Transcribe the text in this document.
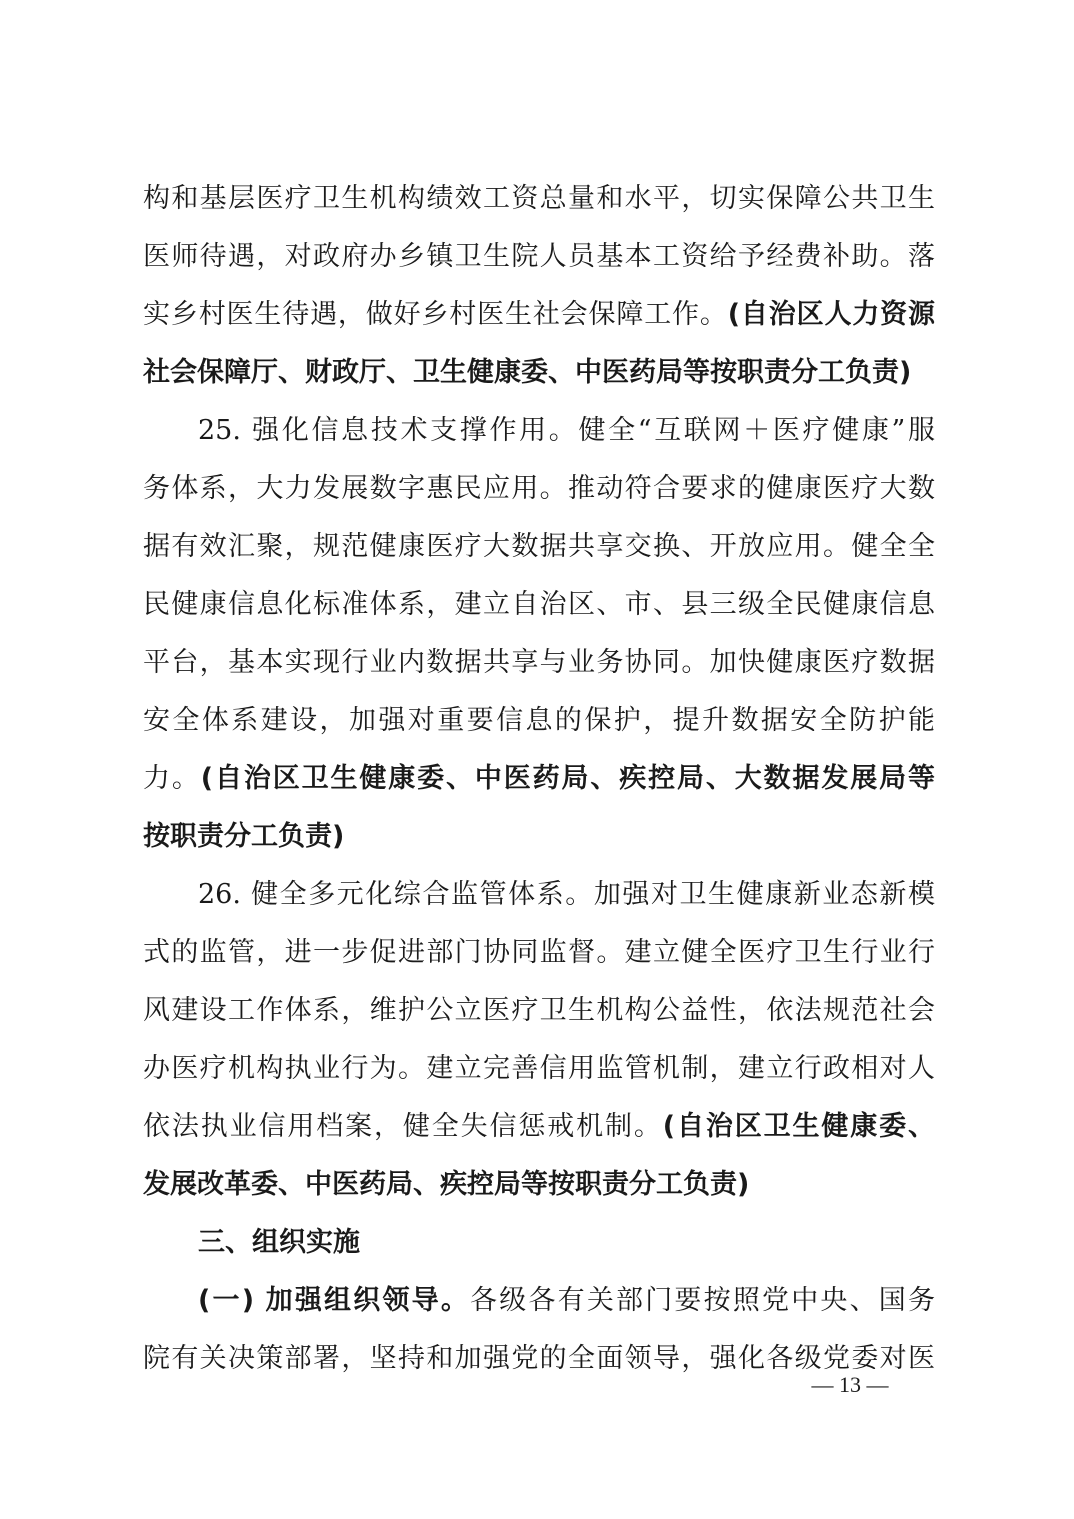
构和基层医疗卫生机构绩效工资总量和水平，切实保障公共卫生
医师待遇，对政府办乡镇卫生院人员基本工资给予经费补助。落
实乡村医生待遇，做好乡村医生社会保障工作。(自治区人力资源
社会保障厅、财政厅、卫生健康委、中医药局等按职责分工负责)
25. 强化信息技术支撑作用。健全“互联网＋医疗健康”服
务体系，大力发展数字惠民应用。推动符合要求的健康医疗大数
据有效汇聚，规范健康医疗大数据共享交换、开放应用。健全全
民健康信息化标准体系，建立自治区、市、县三级全民健康信息
平台，基本实现行业内数据共享与业务协同。加快健康医疗数据
安全体系建设，加强对重要信息的保护，提升数据安全防护能
力。(自治区卫生健康委、中医药局、疾控局、大数据发展局等
按职责分工负责)
26. 健全多元化综合监管体系。加强对卫生健康新业态新模
式的监管，进一步促进部门协同监督。建立健全医疗卫生行业行
风建设工作体系，维护公立医疗卫生机构公益性，依法规范社会
办医疗机构执业行为。建立完善信用监管机制，建立行政相对人
依法执业信用档案，健全失信惩戒机制。(自治区卫生健康委、
发展改革委、中医药局、疾控局等按职责分工负责)
三、组织实施
(一) 加强组织领导。各级各有关部门要按照党中央、国务
院有关决策部署，坚持和加强党的全面领导，强化各级党委对医
— 13 —
